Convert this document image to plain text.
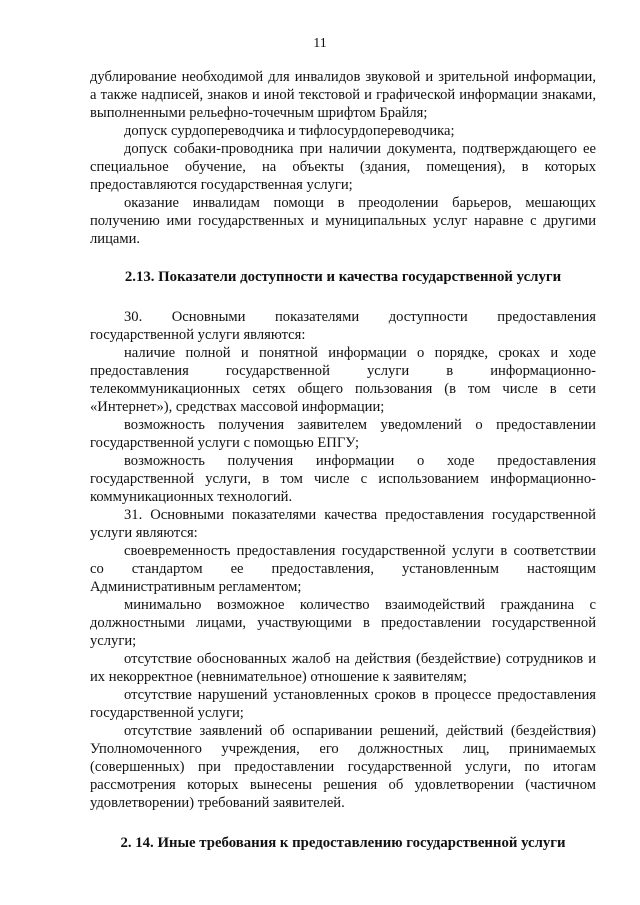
11

дублирование необходимой для инвалидов звуковой и зрительной информации, а также надписей, знаков и иной текстовой и графической информации знаками, выполненными рельефно-точечным шрифтом Брайля;

допуск сурдопереводчика и тифлосурдопереводчика;

допуск собаки-проводника при наличии документа, подтверждающего ее специальное обучение, на объекты (здания, помещения), в которых предоставляются государственная услуги;

оказание инвалидам помощи в преодолении барьеров, мешающих получению ими государственных и муниципальных услуг наравне с другими лицами.

2.13. Показатели доступности и качества государственной услуги

30. Основными показателями доступности предоставления государственной услуги являются:

наличие полной и понятной информации о порядке, сроках и ходе предоставления государственной услуги в информационно-телекоммуникационных сетях общего пользования (в том числе в сети «Интернет»), средствах массовой информации;

возможность получения заявителем уведомлений о предоставлении государственной услуги с помощью ЕПГУ;

возможность получения информации о ходе предоставления государственной услуги, в том числе с использованием информационно-коммуникационных технологий.

31. Основными показателями качества предоставления государственной услуги являются:

своевременность предоставления государственной услуги в соответствии со стандартом ее предоставления, установленным настоящим Административным регламентом;

минимально возможное количество взаимодействий гражданина с должностными лицами, участвующими в предоставлении государственной услуги;

отсутствие обоснованных жалоб на действия (бездействие) сотрудников и их некорректное (невнимательное) отношение к заявителям;

отсутствие нарушений установленных сроков в процессе предоставления государственной услуги;

отсутствие заявлений об оспаривании решений, действий (бездействия) Уполномоченного учреждения, его должностных лиц, принимаемых (совершенных) при предоставлении государственной услуги, по итогам рассмотрения которых вынесены решения об удовлетворении (частичном удовлетворении) требований заявителей.

2. 14. Иные требования к предоставлению государственной услуги
